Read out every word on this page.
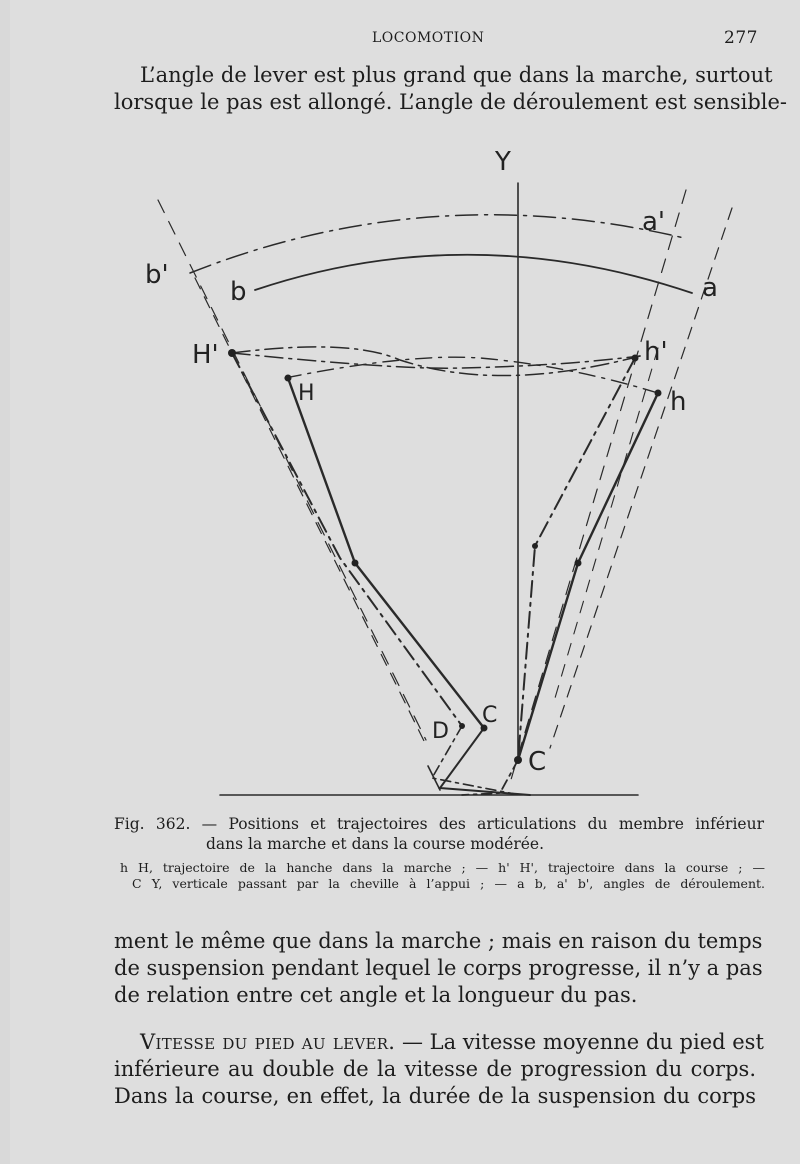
LOCOMOTION	277

L’angle de lever est plus grand que dans la marche, surtout
lorsque le pas est allongé. L’angle de déroulement est sensible-

Y
a'
a
b'
b
H'
H
h'
h
C
D
C

Fig. 362. — Positions et trajectoires des articulations du membre inférieur
dans la marche et dans la course modérée.

h H, trajectoire de la hanche dans la marche ; — h' H', trajectoire dans la course ; —
C Y, verticale passant par la cheville à l’appui ; — a b, a' b', angles de déroulement.

ment le même que dans la marche ; mais en raison du temps
de suspension pendant lequel le corps progresse, il n’y a pas
de relation entre cet angle et la longueur du pas.

Vitesse du pied au lever. — La vitesse moyenne du pied est
inférieure au double de la vitesse de progression du corps.
Dans la course, en effet, la durée de la suspension du corps
